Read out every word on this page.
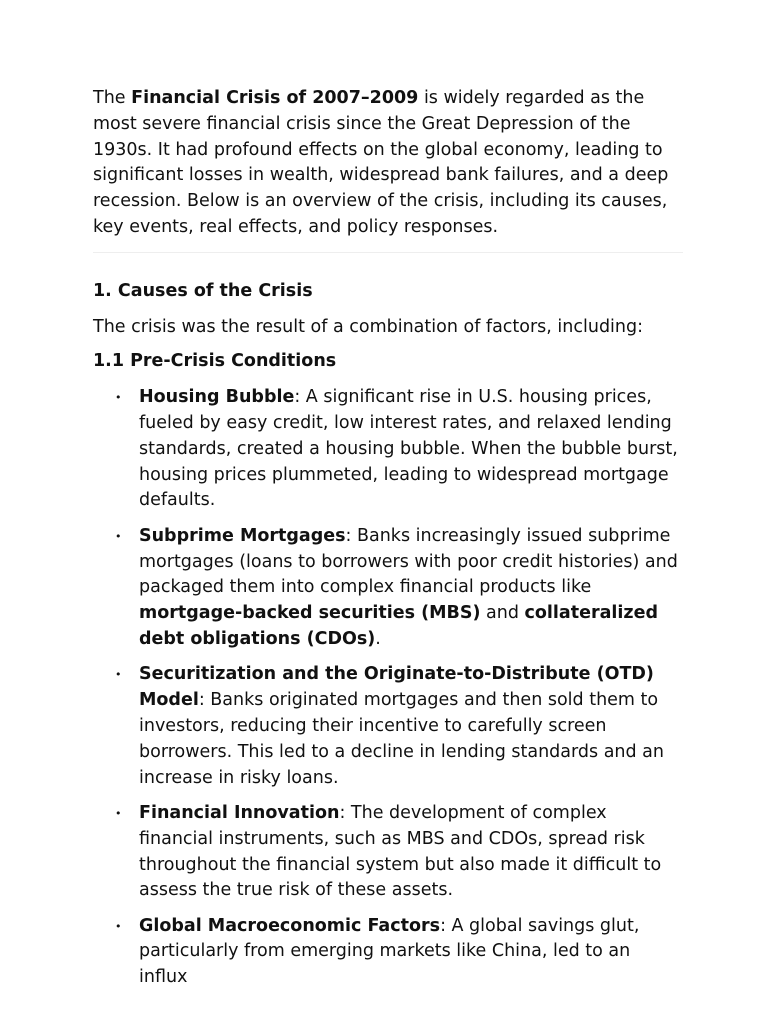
The Financial Crisis of 2007–2009 is widely regarded as the most severe financial crisis since the Great Depression of the 1930s. It had profound effects on the global economy, leading to significant losses in wealth, widespread bank failures, and a deep recession. Below is an overview of the crisis, including its causes, key events, real effects, and policy responses.

1. Causes of the Crisis

The crisis was the result of a combination of factors, including:

1.1 Pre-Crisis Conditions

• Housing Bubble: A significant rise in U.S. housing prices, fueled by easy credit, low interest rates, and relaxed lending standards, created a housing bubble. When the bubble burst, housing prices plummeted, leading to widespread mortgage defaults.
• Subprime Mortgages: Banks increasingly issued subprime mortgages (loans to borrowers with poor credit histories) and packaged them into complex financial products like mortgage-backed securities (MBS) and collateralized debt obligations (CDOs).
• Securitization and the Originate-to-Distribute (OTD) Model: Banks originated mortgages and then sold them to investors, reducing their incentive to carefully screen borrowers. This led to a decline in lending standards and an increase in risky loans.
• Financial Innovation: The development of complex financial instruments, such as MBS and CDOs, spread risk throughout the financial system but also made it difficult to assess the true risk of these assets.
• Global Macroeconomic Factors: A global savings glut, particularly from emerging markets like China, led to an influx
